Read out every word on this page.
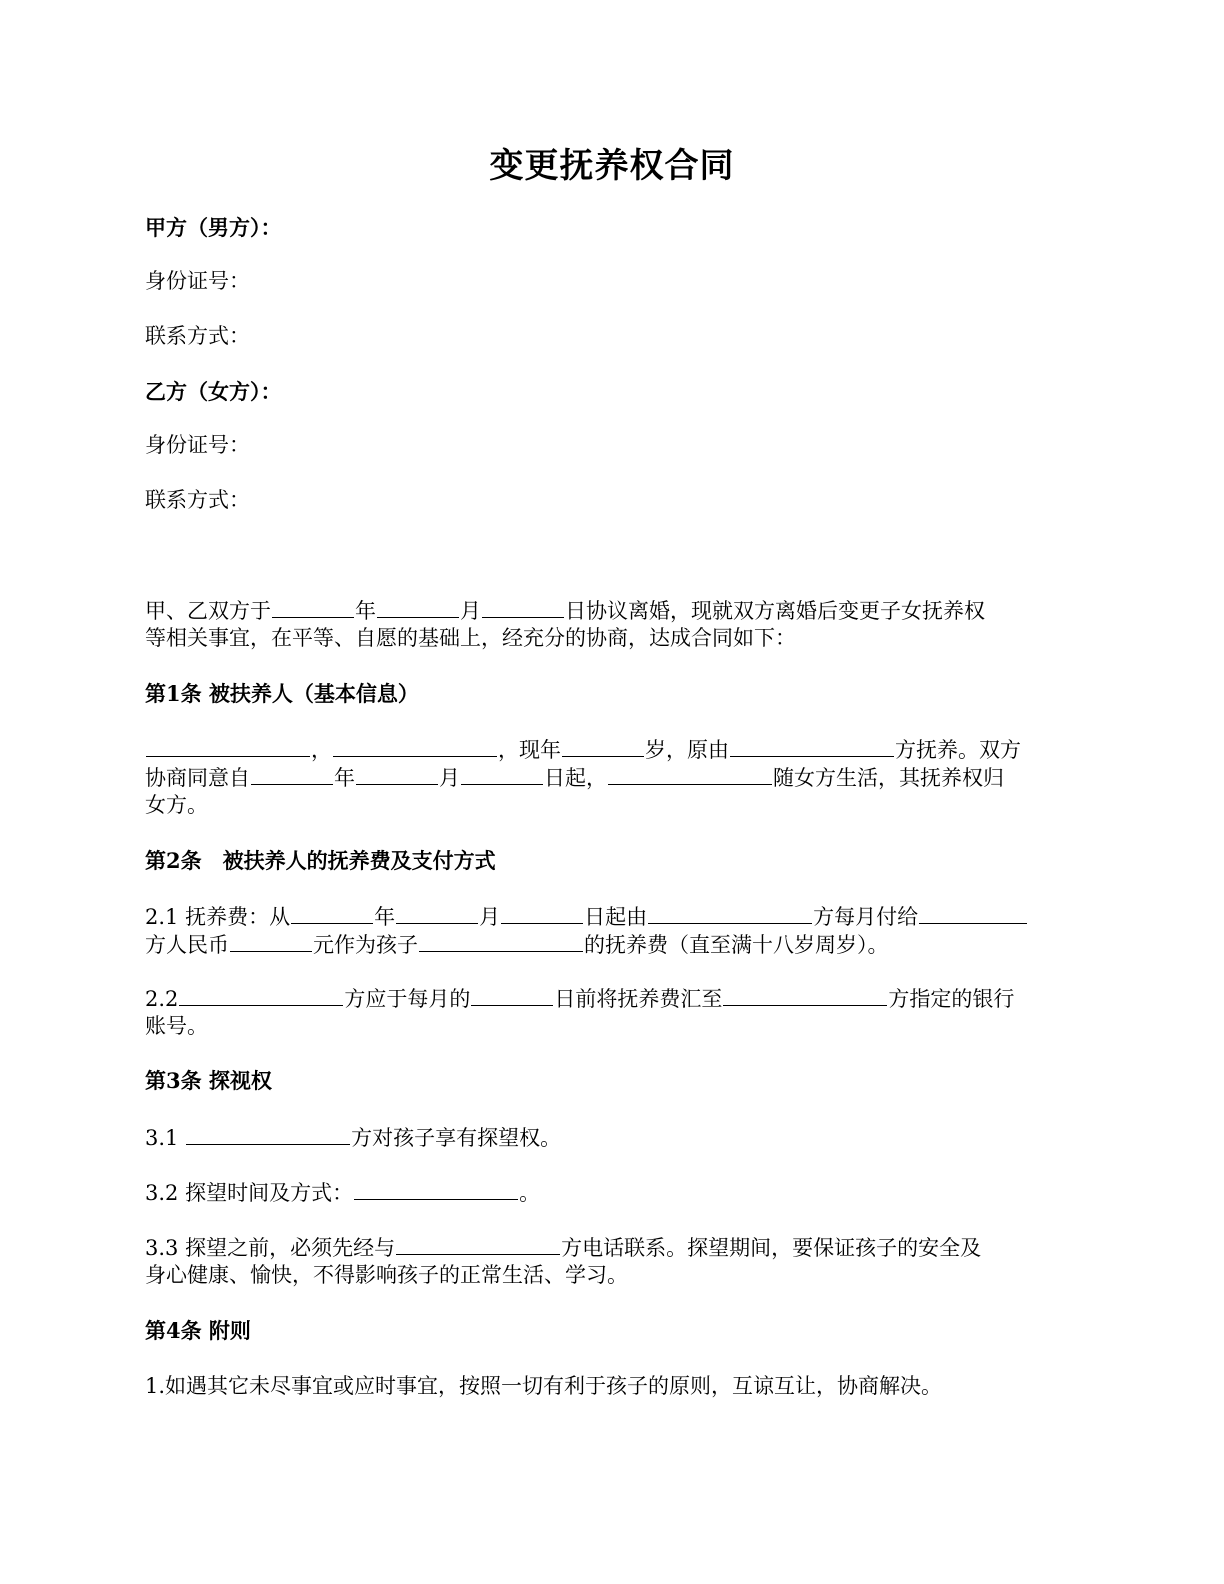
变更抚养权合同
甲方（男方）：
身份证号：
联系方式：
乙方（女方）：
身份证号：
联系方式：
甲、乙双方于	年	月	日协议离婚，现就双方离婚后变更子女抚养权
等相关事宜，在平等、自愿的基础上，经充分的协商，达成合同如下：
第1条 被扶养人（基本信息）
，	，现年	岁，原由	方抚养。双方
协商同意自	年	月	日起，	随女方生活，其抚养权归
女方。
第2条　被扶养人的抚养费及支付方式
2.1 抚养费：从	年	月	日起由	方每月付给
方人民币	元作为孩子	的抚养费（直至满十八岁周岁）。
2.2	方应于每月的	日前将抚养费汇至	方指定的银行
账号。
第3条 探视权
3.1	方对孩子享有探望权。
3.2 探望时间及方式：	。
3.3 探望之前，必须先经与	方电话联系。探望期间，要保证孩子的安全及
身心健康、愉快，不得影响孩子的正常生活、学习。
第4条 附则
1.如遇其它未尽事宜或应时事宜，按照一切有利于孩子的原则，互谅互让，协商解决。
